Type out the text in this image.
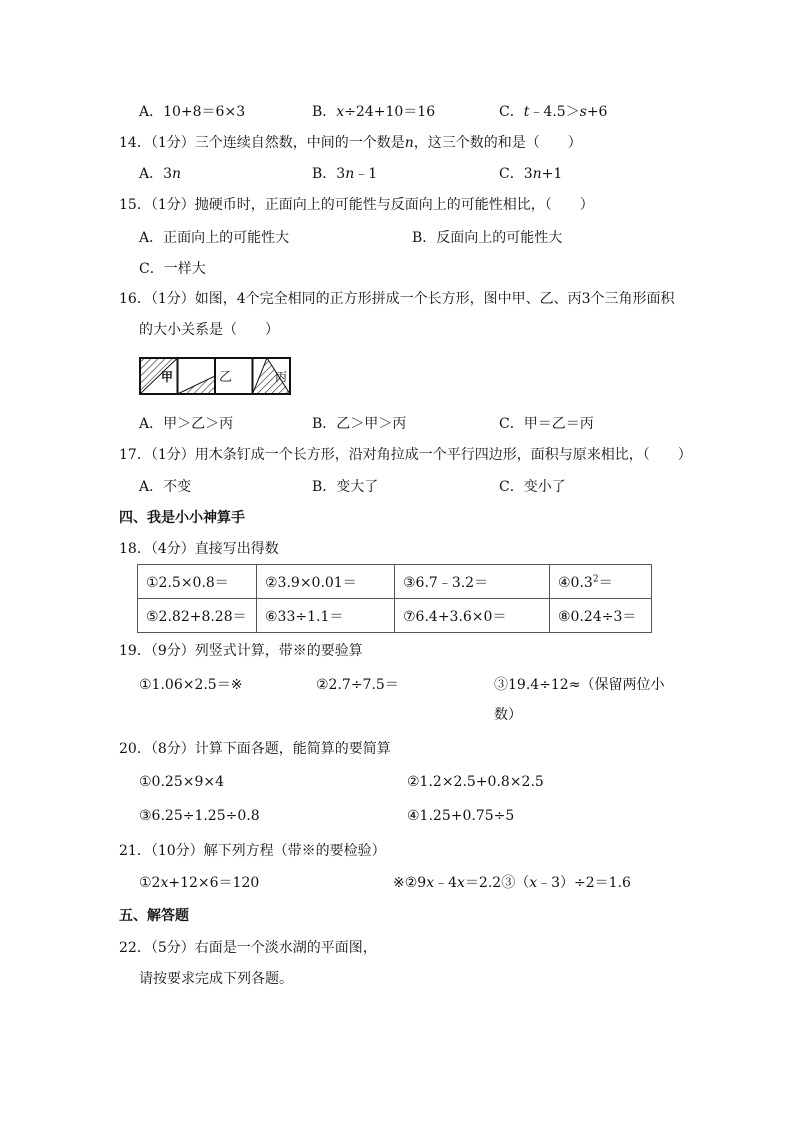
A．10+8＝6×3	B．x÷24+10＝16	C．t﹣4.5＞s+6
14．（1分）三个连续自然数，中间的一个数是n，这三个数的和是（　　）
A．3n	B．3n﹣1	C．3n+1
15．（1分）抛硬币时，正面向上的可能性与反面向上的可能性相比，（　　）
A．正面向上的可能性大	B．反面向上的可能性大
C．一样大
16．（1分）如图，4个完全相同的正方形拼成一个长方形，图中甲、乙、丙3个三角形面积
的大小关系是（　　）
甲	乙	丙
A．甲＞乙＞丙	B．乙＞甲＞丙	C．甲＝乙＝丙
17．（1分）用木条钉成一个长方形，沿对角拉成一个平行四边形，面积与原来相比，（　　）
A．不变	B．变大了	C．变小了
四、我是小小神算手
18．（4分）直接写出得数
①2.5×0.8＝	②3.9×0.01＝	③6.7﹣3.2＝	$④0.3^2=$
⑤2.82+8.28＝	⑥33÷1.1＝	⑦6.4+3.6×0＝	⑧0.24÷3＝
19．（9分）列竖式计算，带※的要验算
①1.06×2.5＝※	②2.7÷7.5＝	③19.4÷12≈（保留两位小
数）
20．（8分）计算下面各题，能简算的要简算
①0.25×9×4	②1.2×2.5+0.8×2.5
③6.25÷1.25÷0.8	④1.25+0.75÷5
21．（10分）解下列方程（带※的要检验）
①2x+12×6＝120	※②9x﹣4x＝2.2③（x﹣3）÷2＝1.6
五、解答题
22．（5分）右面是一个淡水湖的平面图，
请按要求完成下列各题。
